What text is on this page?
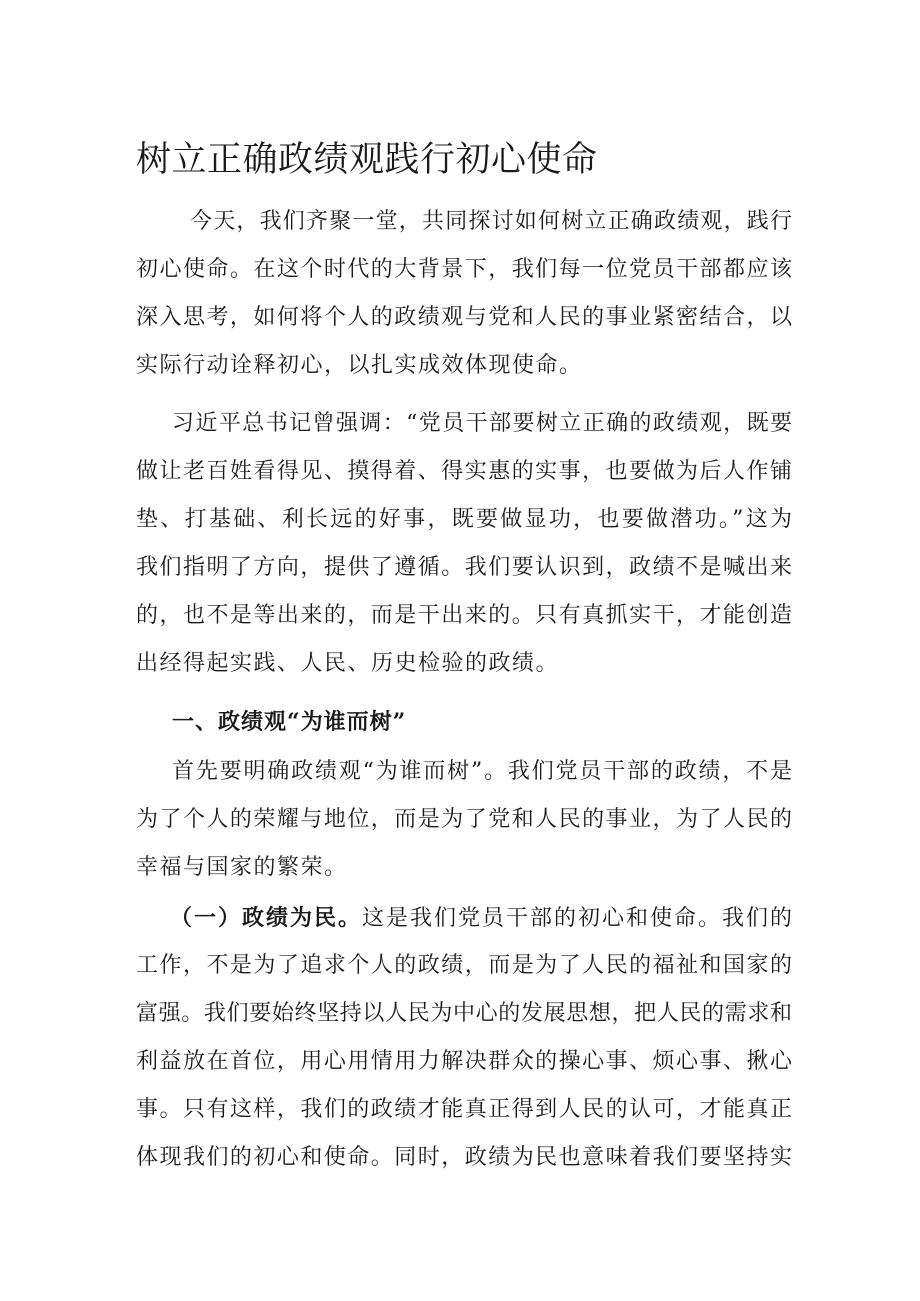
树立正确政绩观践行初心使命
今天，我们齐聚一堂，共同探讨如何树立正确政绩观，践行
初心使命。在这个时代的大背景下，我们每一位党员干部都应该
深入思考，如何将个人的政绩观与党和人民的事业紧密结合，以
实际行动诠释初心，以扎实成效体现使命。
习近平总书记曾强调：“党员干部要树立正确的政绩观，既要
做让老百姓看得见、摸得着、得实惠的实事，也要做为后人作铺
垫、打基础、利长远的好事，既要做显功，也要做潜功。”这为
我们指明了方向，提供了遵循。我们要认识到，政绩不是喊出来
的，也不是等出来的，而是干出来的。只有真抓实干，才能创造
出经得起实践、人民、历史检验的政绩。
一、政绩观“为谁而树”
首先要明确政绩观“为谁而树”。我们党员干部的政绩，不是
为了个人的荣耀与地位，而是为了党和人民的事业，为了人民的
幸福与国家的繁荣。
（一）政绩为民。这是我们党员干部的初心和使命。我们的
工作，不是为了追求个人的政绩，而是为了人民的福祉和国家的
富强。我们要始终坚持以人民为中心的发展思想，把人民的需求和
利益放在首位，用心用情用力解决群众的操心事、烦心事、揪心
事。只有这样，我们的政绩才能真正得到人民的认可，才能真正
体现我们的初心和使命。同时，政绩为民也意味着我们要坚持实
